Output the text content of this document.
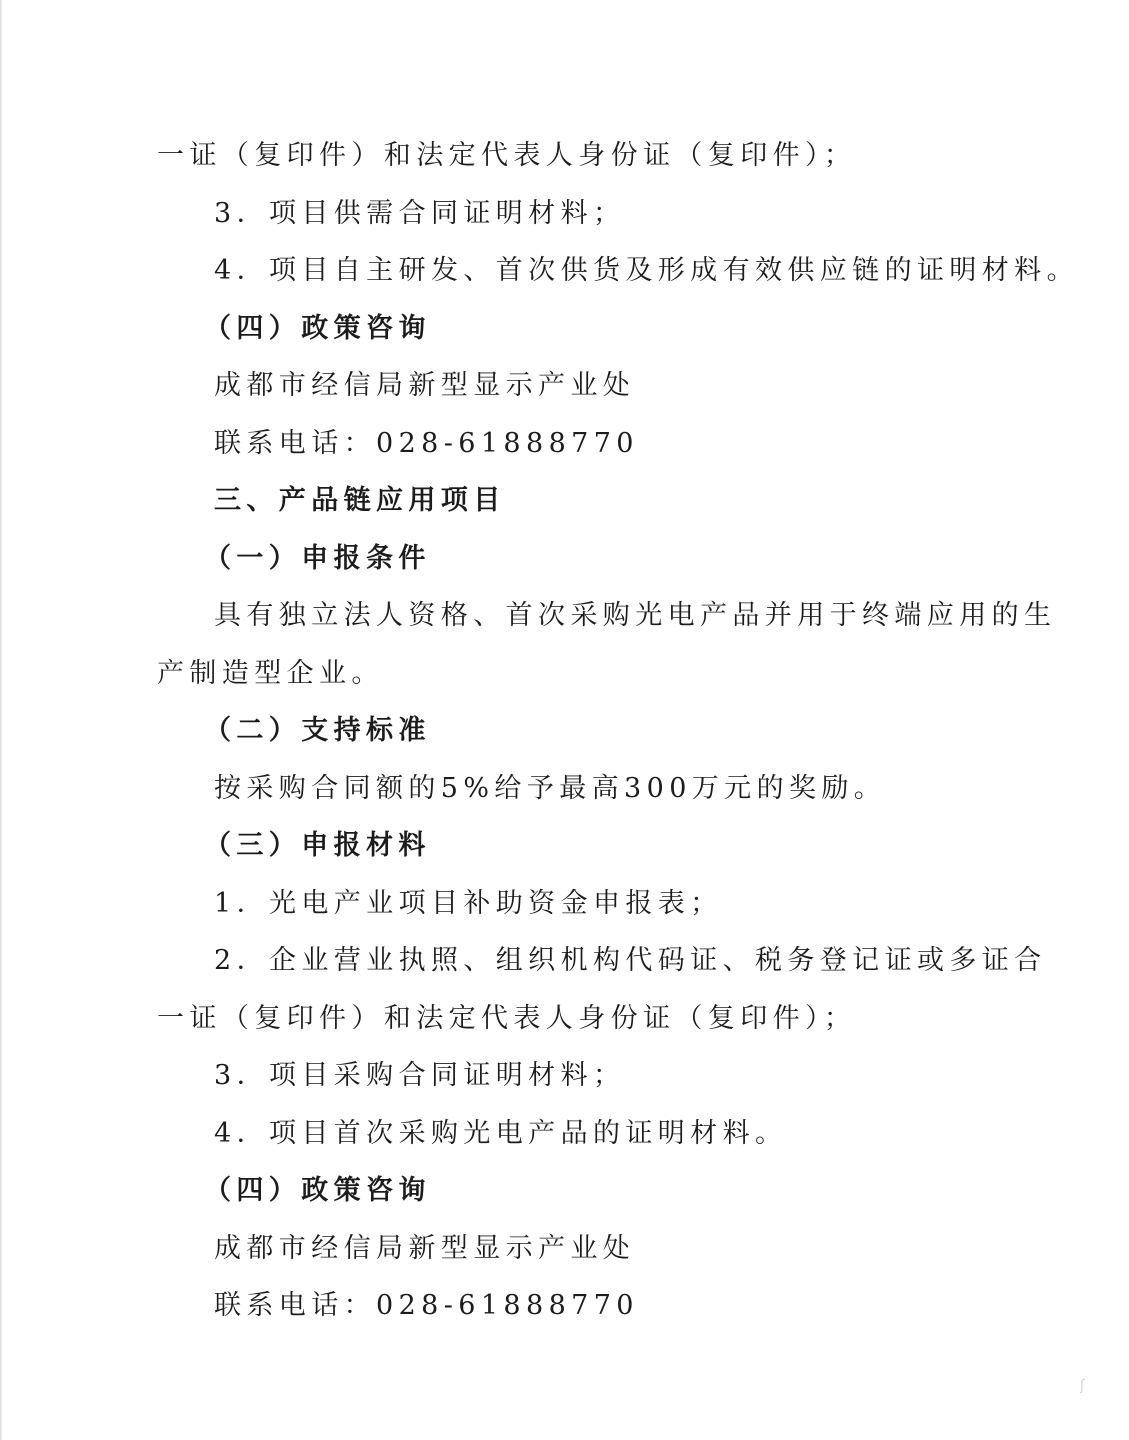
一证（复印件）和法定代表人身份证（复印件）；
3．项目供需合同证明材料；
4．项目自主研发、首次供货及形成有效供应链的证明材料。
（四）政策咨询
成都市经信局新型显示产业处
联系电话：028-61888770
三、产品链应用项目
（一）申报条件
具有独立法人资格、首次采购光电产品并用于终端应用的生
产制造型企业。
（二）支持标准
按采购合同额的5%给予最高300万元的奖励。
（三）申报材料
1．光电产业项目补助资金申报表；
2．企业营业执照、组织机构代码证、税务登记证或多证合
一证（复印件）和法定代表人身份证（复印件）；
3．项目采购合同证明材料；
4．项目首次采购光电产品的证明材料。
（四）政策咨询
成都市经信局新型显示产业处
联系电话：028-61888770
ʃ
